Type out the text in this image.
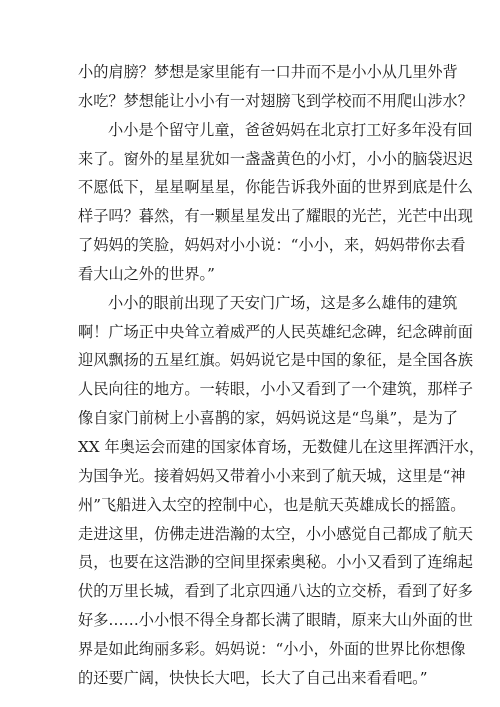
小的肩膀？梦想是家里能有一口井而不是小小从几里外背
水吃？梦想能让小小有一对翅膀飞到学校而不用爬山涉水？
小小是个留守儿童，爸爸妈妈在北京打工好多年没有回
来了。窗外的星星犹如一盏盏黄色的小灯，小小的脑袋迟迟
不愿低下，星星啊星星，你能告诉我外面的世界到底是什么
样子吗？暮然，有一颗星星发出了耀眼的光芒，光芒中出现
了妈妈的笑脸，妈妈对小小说：“小小，来，妈妈带你去看
看大山之外的世界。”
小小的眼前出现了天安门广场，这是多么雄伟的建筑
啊！广场正中央耸立着威严的人民英雄纪念碑，纪念碑前面
迎风飘扬的五星红旗。妈妈说它是中国的象征，是全国各族
人民向往的地方。一转眼，小小又看到了一个建筑，那样子
像自家门前树上小喜鹊的家，妈妈说这是“鸟巢”，是为了
XX 年奥运会而建的国家体育场，无数健儿在这里挥洒汗水，
为国争光。接着妈妈又带着小小来到了航天城，这里是“神
州”飞船进入太空的控制中心，也是航天英雄成长的摇篮。
走进这里，仿佛走进浩瀚的太空，小小感觉自己都成了航天
员，也要在这浩渺的空间里探索奥秘。小小又看到了连绵起
伏的万里长城，看到了北京四通八达的立交桥，看到了好多
好多……小小恨不得全身都长满了眼睛，原来大山外面的世
界是如此绚丽多彩。妈妈说：“小小，外面的世界比你想像
的还要广阔，快快长大吧，长大了自己出来看看吧。”
